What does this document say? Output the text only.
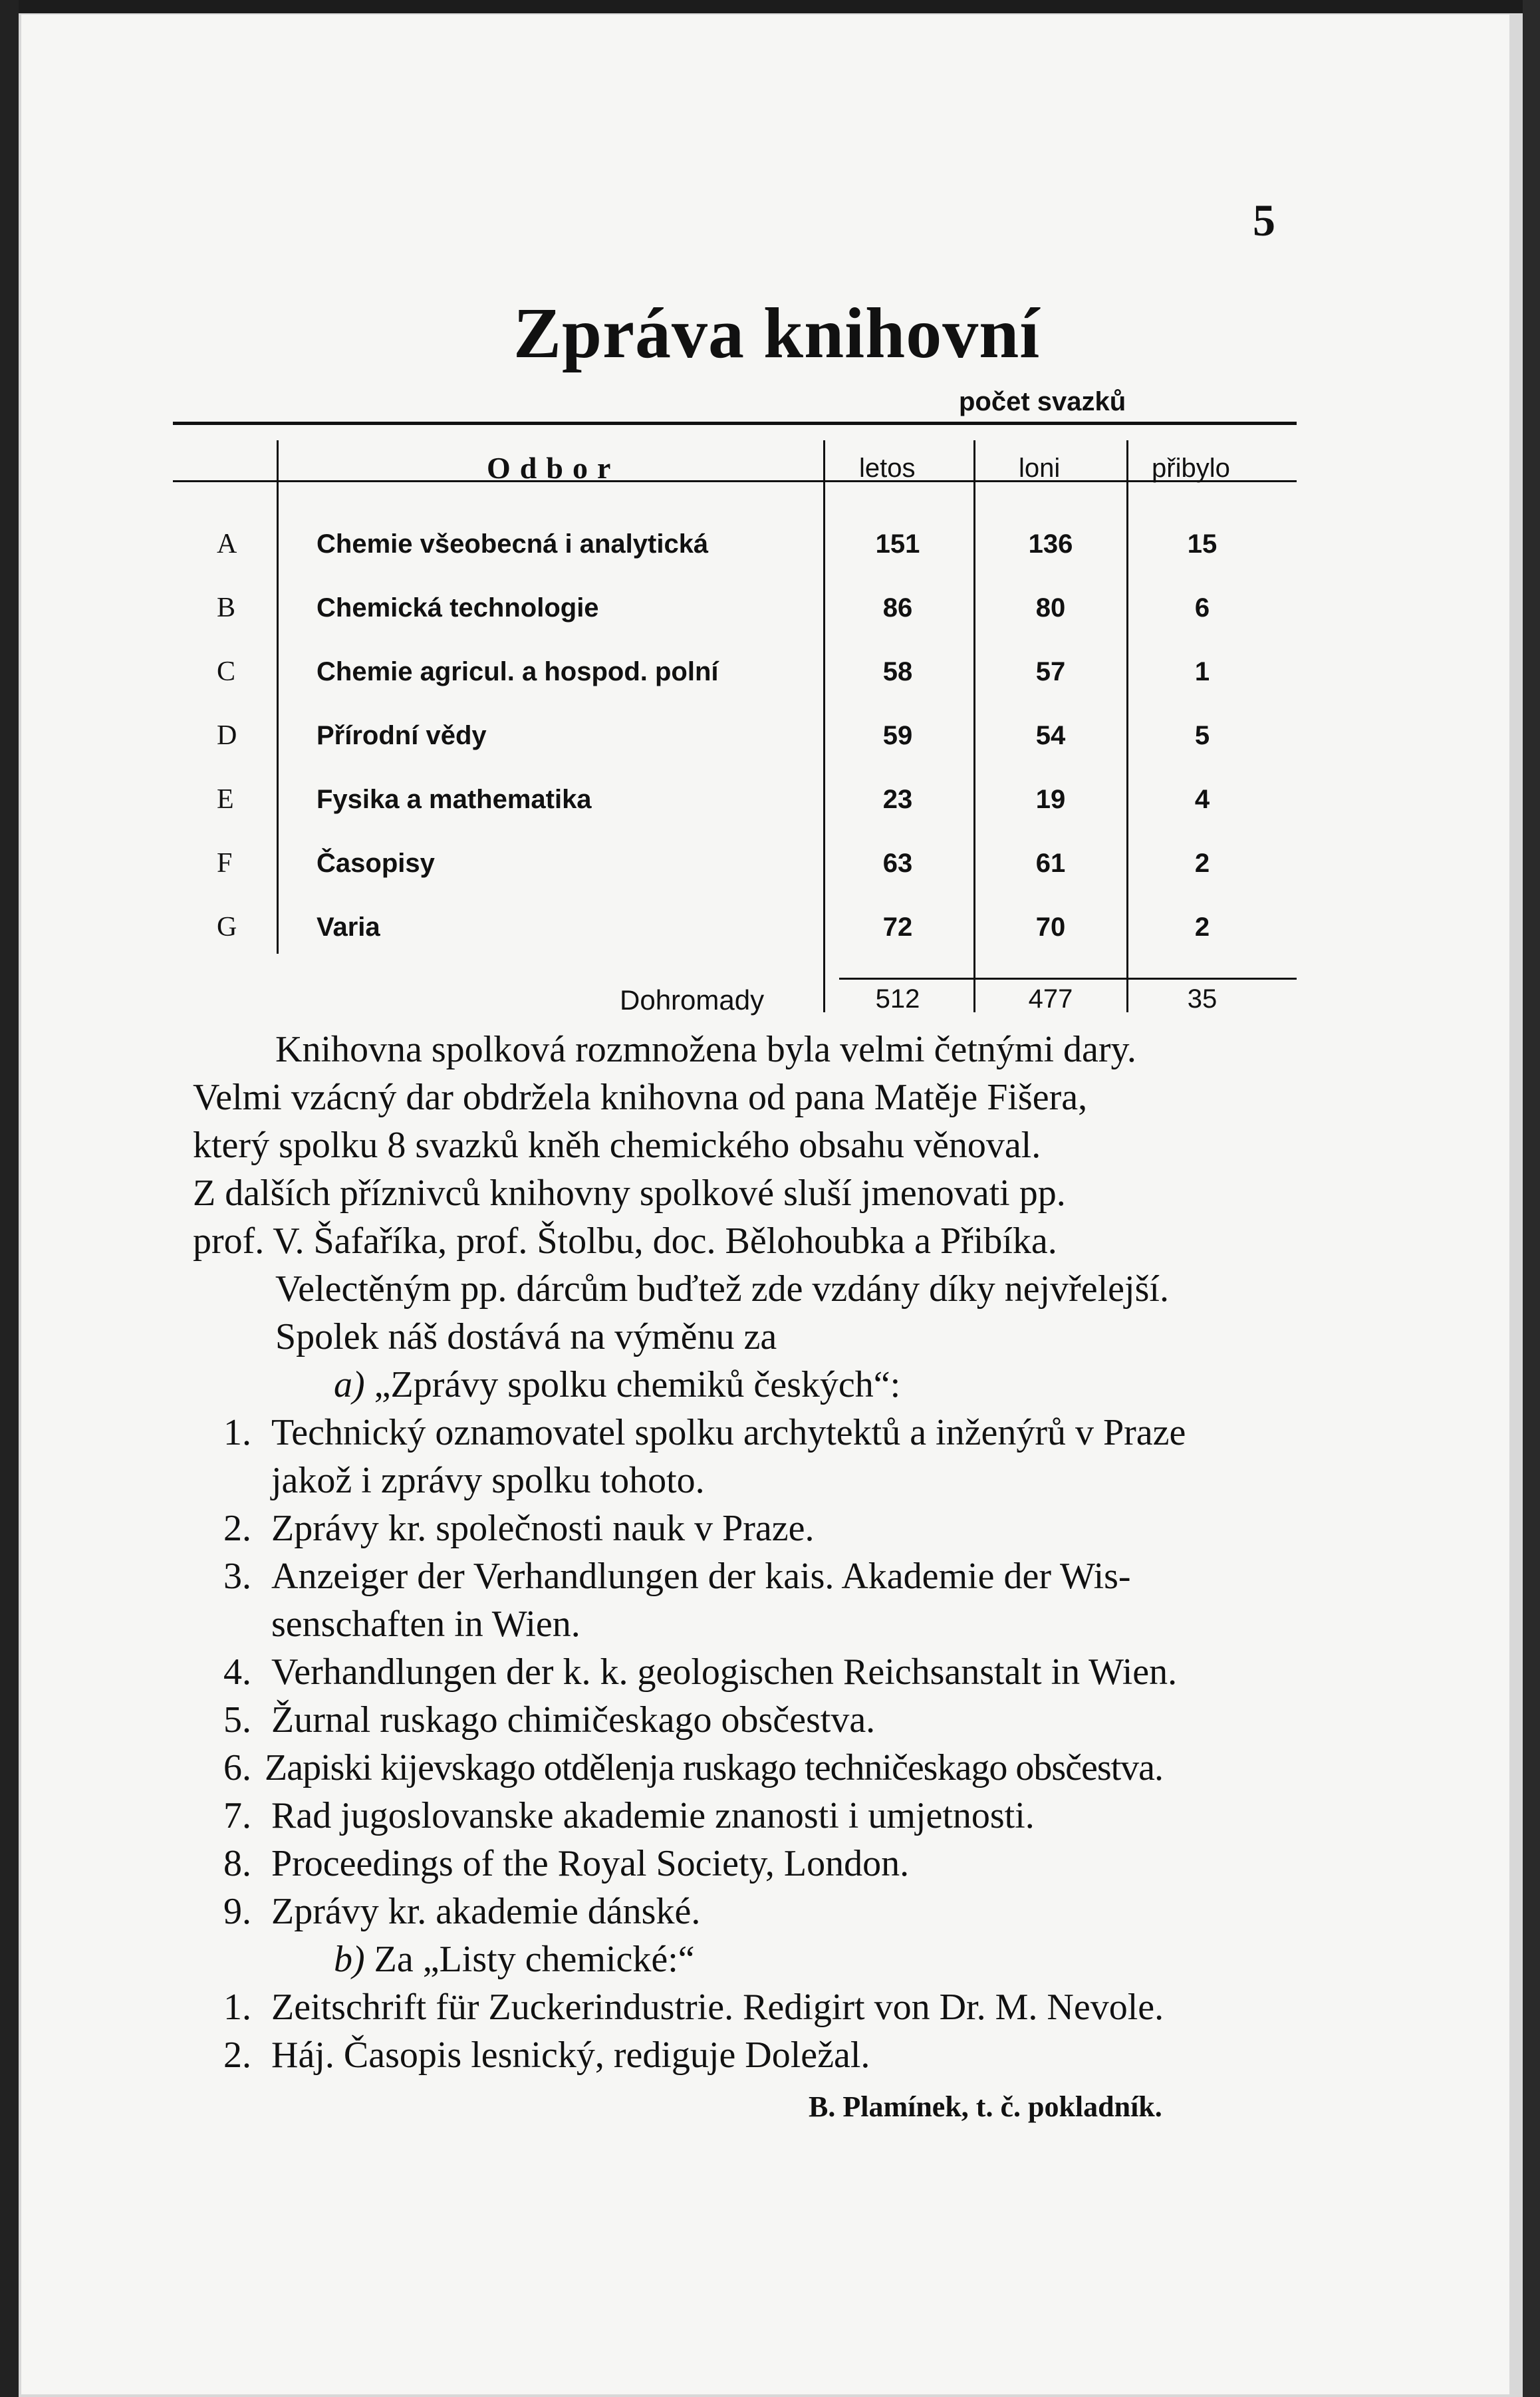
5
Zpráva knihovní
počet svazků
Odbor	letos	loni	přibylo
A	Chemie všeobecná i analytická	151	136	15
B	Chemická technologie	86	80	6
C	Chemie agricul. a hospod. polní	58	57	1
D	Přírodní vědy	59	54	5
E	Fysika a mathematika	23	19	4
F	Časopisy	63	61	2
G	Varia	72	70	2
Dohromady	512	477	35
Knihovna spolková rozmnožena byla velmi četnými dary.
Velmi vzácný dar obdržela knihovna od pana Matěje Fišera,
který spolku 8 svazků kněh chemického obsahu věnoval.
Z dalších příznivců knihovny spolkové sluší jmenovati pp.
prof. V. Šafaříka, prof. Štolbu, doc. Bělohoubka a Přibíka.
Velectěným pp. dárcům buďtež zde vzdány díky nejvřelejší.
Spolek náš dostává na výměnu za
a) „Zprávy spolku chemiků českých“:
1. Technický oznamovatel spolku archytektů a inženýrů v Praze
jakož i zprávy spolku tohoto.
2. Zprávy kr. společnosti nauk v Praze.
3. Anzeiger der Verhandlungen der kais. Akademie der Wis-
senschaften in Wien.
4. Verhandlungen der k. k. geologischen Reichsanstalt in Wien.
5. Žurnal ruskago chimičeskago obsčestva.
6. Zapiski kijevskago otdělenja ruskago techničeskago obsčestva.
7. Rad jugoslovanske akademie znanosti i umjetnosti.
8. Proceedings of the Royal Society, London.
9. Zprávy kr. akademie dánské.
b) Za „Listy chemické:“
1. Zeitschrift für Zuckerindustrie. Redigirt von Dr. M. Nevole.
2. Háj. Časopis lesnický, rediguje Doležal.
B. Plamínek, t. č. pokladník.
